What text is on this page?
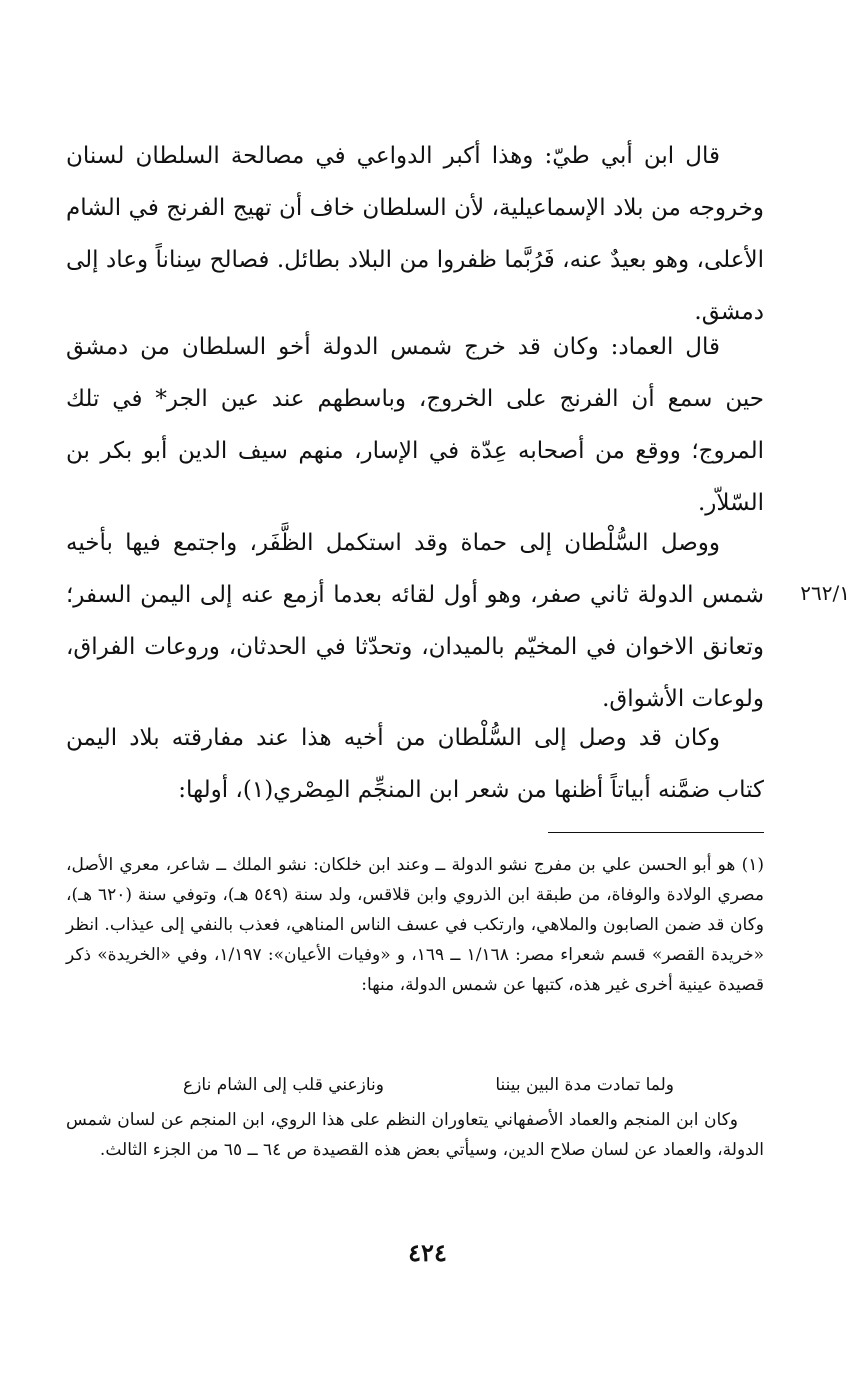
قال ابن أبي طيّ: وهذا أكبر الدواعي في مصالحة السلطان لسنان وخروجه من بلاد الإسماعيلية، لأن السلطان خاف أن تهيج الفرنج في الشام الأعلى، وهو بعيدٌ عنه، فَرُبَّما ظفروا من البلاد بطائل. فصالح سِناناً وعاد إلى دمشق.

قال العماد: وكان قد خرج شمس الدولة أخو السلطان من دمشق حين سمع أن الفرنج على الخروج، وباسطهم عند عين الجر* في تلك المروج؛ ووقع من أصحابه عِدّة في الإسار، منهم سيف الدين أبو بكر بن السّلاّر.

ووصل السُّلْطان إلى حماة وقد استكمل الظَّفَر، واجتمع فيها بأخيه شمس الدولة ثاني صفر، وهو أول لقائه بعدما أزمع عنه إلى اليمن السفر؛ وتعانق الاخوان في المخيّم بالميدان، وتحدّثا في الحدثان، وروعات الفراق، ولوعات الأشواق.

٢٦٢/١

وكان قد وصل إلى السُّلْطان من أخيه هذا عند مفارقته بلاد اليمن كتاب ضمَّنه أبياتاً أظنها من شعر ابن المنجِّم المِصْري(١)، أولها:

(١) هو أبو الحسن علي بن مفرج نشو الدولة ــ وعند ابن خلكان: نشو الملك ــ شاعر، معري الأصل، مصري الولادة والوفاة، من طبقة ابن الذروي وابن قلاقس، ولد سنة (٥٤٩ هـ)، وتوفي سنة (٦٢٠ هـ)، وكان قد ضمن الصابون والملاهي، وارتكب في عسف الناس المناهي، فعذب بالنفي إلى عيذاب. انظر «خريدة القصر» قسم شعراء مصر: ١/١٦٨ ــ ١٦٩، و «وفيات الأعيان»: ١/١٩٧، وفي «الخريدة» ذكر قصيدة عينية أخرى غير هذه، كتبها عن شمس الدولة، منها:

ولما تمادت مدة البين بيننا
ونازعني قلب إلى الشام نازع

وكان ابن المنجم والعماد الأصفهاني يتعاوران النظم على هذا الروي، ابن المنجم عن لسان شمس الدولة، والعماد عن لسان صلاح الدين، وسيأتي بعض هذه القصيدة ص ٦٤ ــ ٦٥ من الجزء الثالث.

٤٢٤
